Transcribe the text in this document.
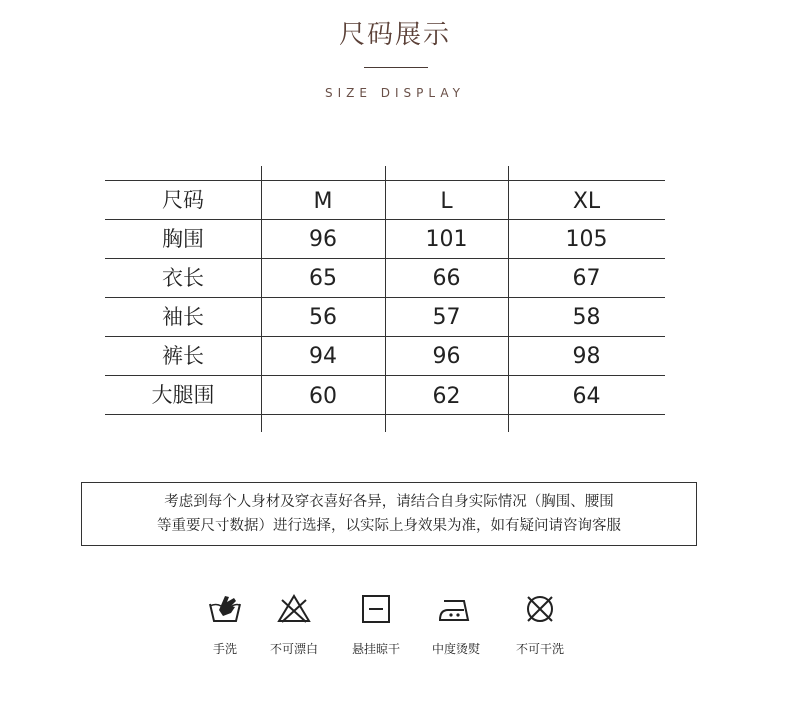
尺码展示
SIZE DISPLAY
尺码	M	L	XL
胸围	96	101	105
衣长	65	66	67
袖长	56	57	58
裤长	94	96	98
大腿围	60	62	64
考虑到每个人身材及穿衣喜好各异，请结合自身实际情况（胸围、腰围
等重要尺寸数据）进行选择，以实际上身效果为准，如有疑问请咨询客服
手洗	不可漂白	悬挂晾干	中度烫熨	不可干洗
